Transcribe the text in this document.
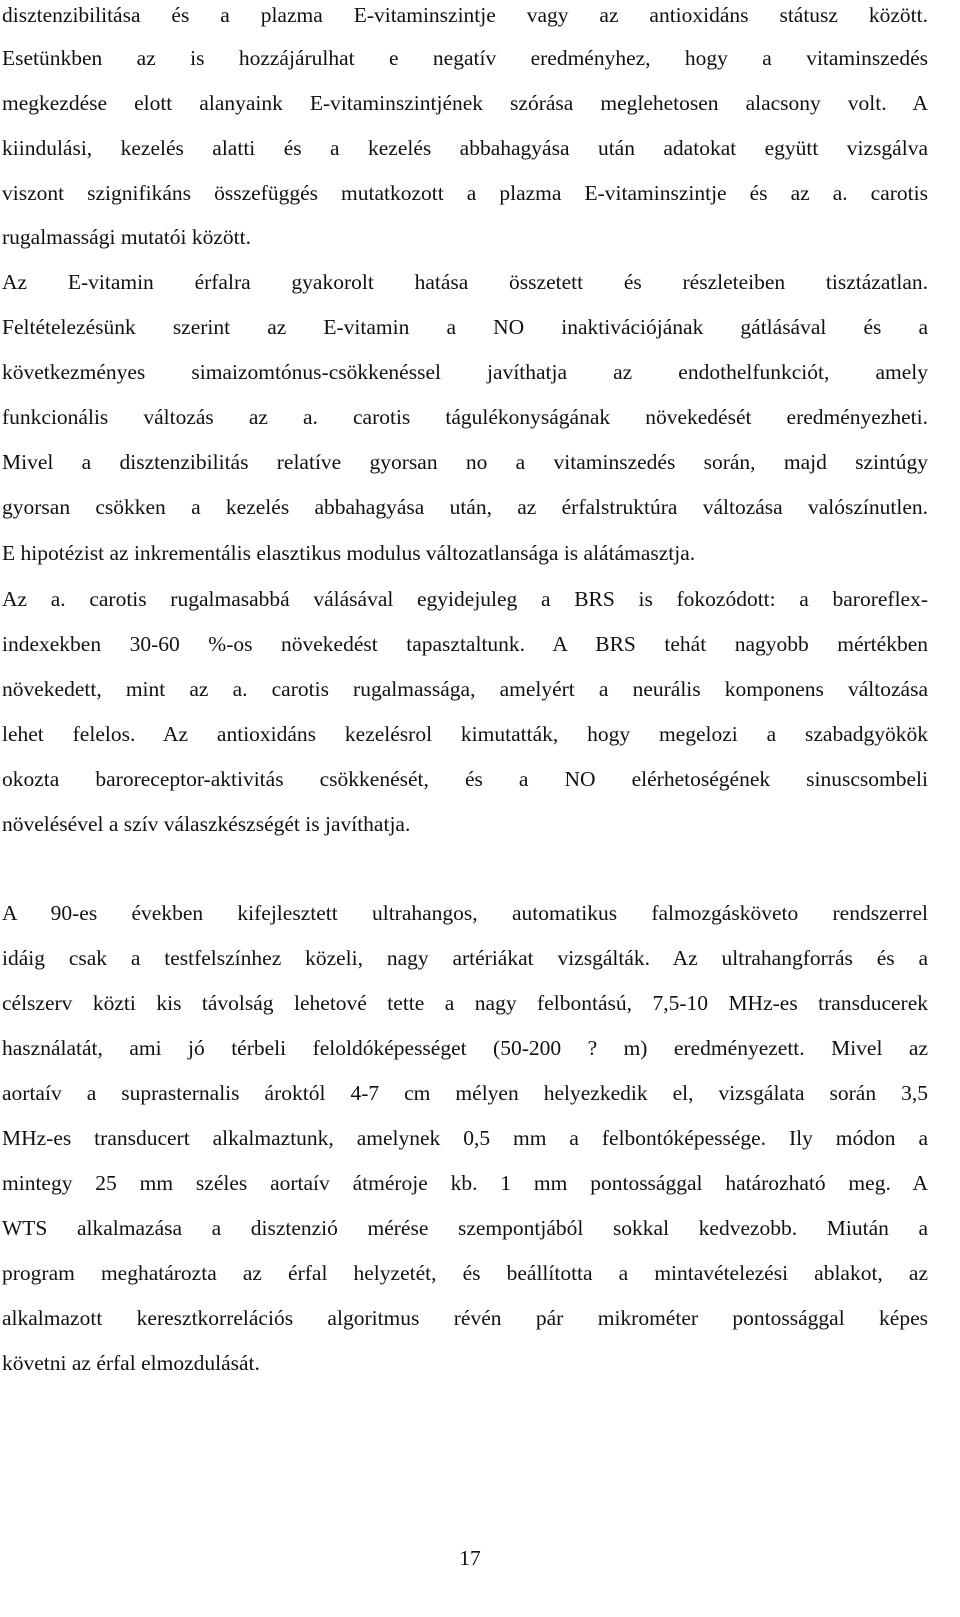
disztenzibilitása és a plazma E-vitaminszintje vagy az antioxidáns státusz között.
Esetünkben az is hozzájárulhat e negatív eredményhez, hogy a vitaminszedés
megkezdése elott alanyaink E-vitaminszintjének szórása meglehetosen alacsony volt. A
kiindulási, kezelés alatti és a kezelés abbahagyása után adatokat együtt vizsgálva
viszont szignifikáns összefüggés mutatkozott a plazma E-vitaminszintje és az a. carotis
rugalmassági mutatói között.
Az E-vitamin érfalra gyakorolt hatása összetett és részleteiben tisztázatlan.
Feltételezésünk szerint az E-vitamin a NO inaktivációjának gátlásával és a
következményes simaizomtónus-csökkenéssel javíthatja az endothelfunkciót, amely
funkcionális változás az a. carotis tágulékonyságának növekedését eredményezheti.
Mivel a disztenzibilitás relatíve gyorsan no a vitaminszedés során, majd szintúgy
gyorsan csökken a kezelés abbahagyása után, az érfalstruktúra változása valószínutlen.
E hipotézist az inkrementális elasztikus modulus változatlansága is alátámasztja.
Az a. carotis rugalmasabbá válásával egyidejuleg a BRS is fokozódott: a baroreflex-
indexekben 30-60 %-os növekedést tapasztaltunk. A BRS tehát nagyobb mértékben
növekedett, mint az a. carotis rugalmassága, amelyért a neurális komponens változása
lehet felelos. Az antioxidáns kezelésrol kimutatták, hogy megelozi a szabadgyökök
okozta baroreceptor-aktivitás csökkenését, és a NO elérhetoségének sinuscsombeli
növelésével a szív válaszkészségét is javíthatja.
A 90-es években kifejlesztett ultrahangos, automatikus falmozgásköveto rendszerrel
idáig csak a testfelszínhez közeli, nagy artériákat vizsgálták. Az ultrahangforrás és a
célszerv közti kis távolság lehetové tette a nagy felbontású, 7,5-10 MHz-es transducerek
használatát, ami jó térbeli feloldóképességet (50-200 ? m) eredményezett. Mivel az
aortaív a suprasternalis ároktól 4-7 cm mélyen helyezkedik el, vizsgálata során 3,5
MHz-es transducert alkalmaztunk, amelynek 0,5 mm a felbontóképessége. Ily módon a
mintegy 25 mm széles aortaív átméroje kb. 1 mm pontossággal határozható meg. A
WTS alkalmazása a disztenzió mérése szempontjából sokkal kedvezobb. Miután a
program meghatározta az érfal helyzetét, és beállította a mintavételezési ablakot, az
alkalmazott keresztkorrelációs algoritmus révén pár mikrométer pontossággal képes
követni az érfal elmozdulását.
17
